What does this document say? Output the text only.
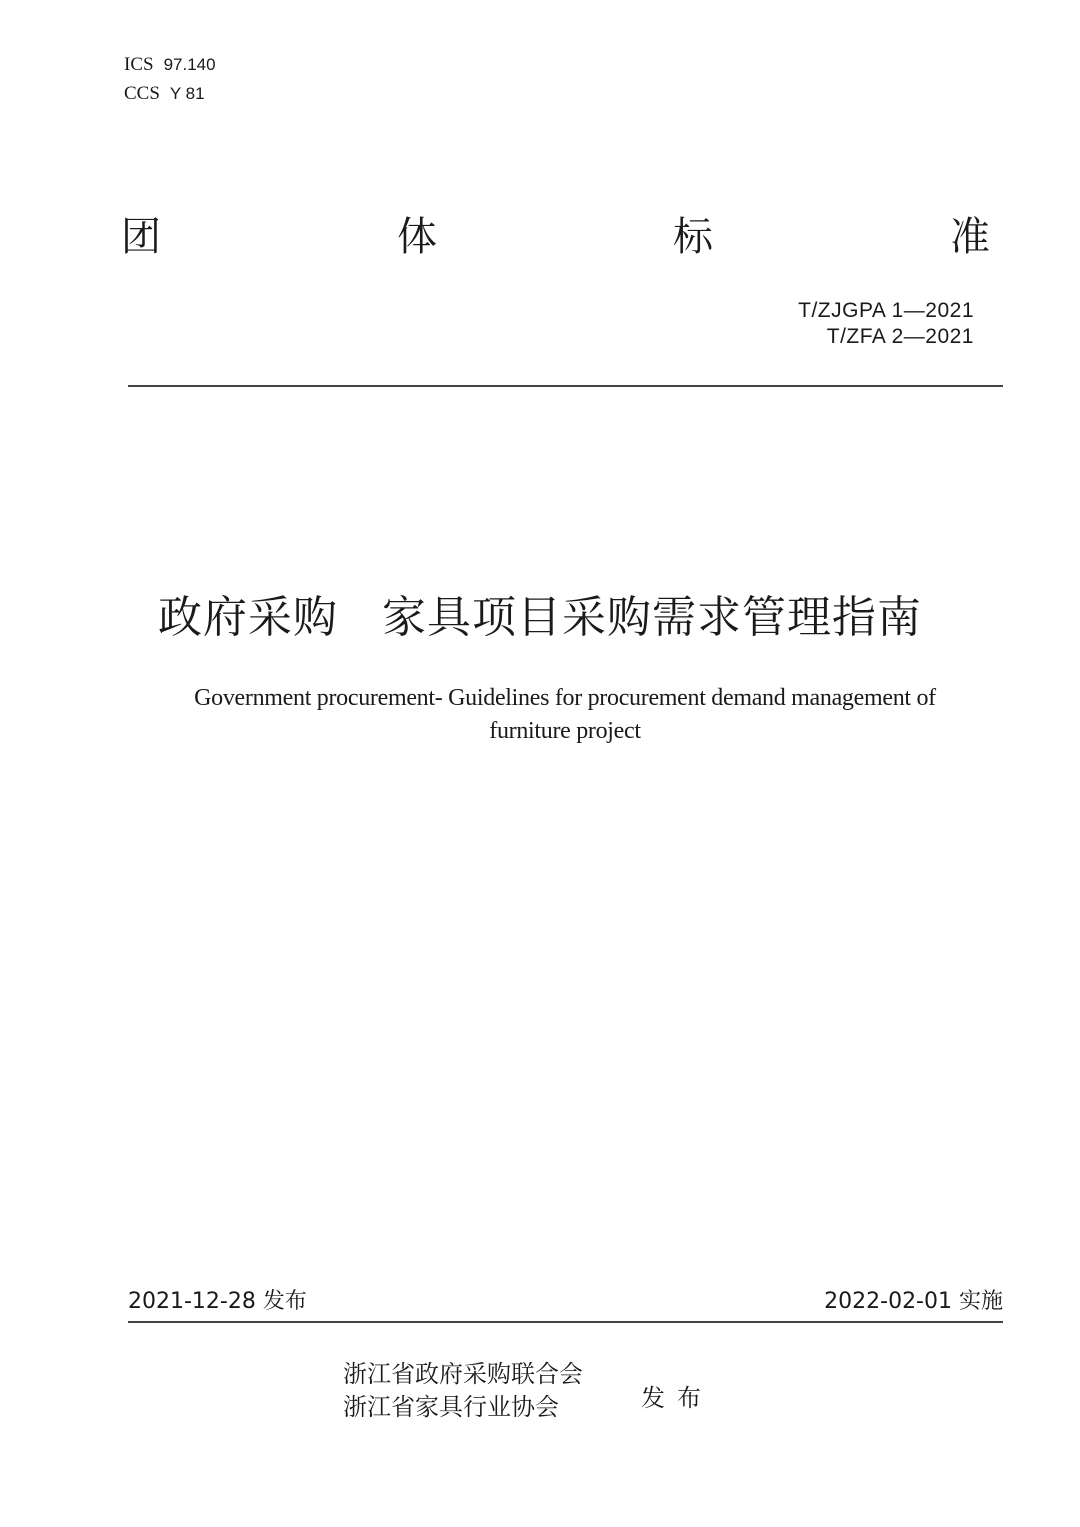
ICS 97.140
CCS Y 81
团	体	标	准
T/ZJGPA 1—2021
T/ZFA 2—2021
政府采购 家具项目采购需求管理指南
Government procurement- Guidelines for procurement demand management of
furniture project
2021-12-28 发布	2022-02-01 实施
浙江省政府采购联合会
浙江省家具行业协会	发布
